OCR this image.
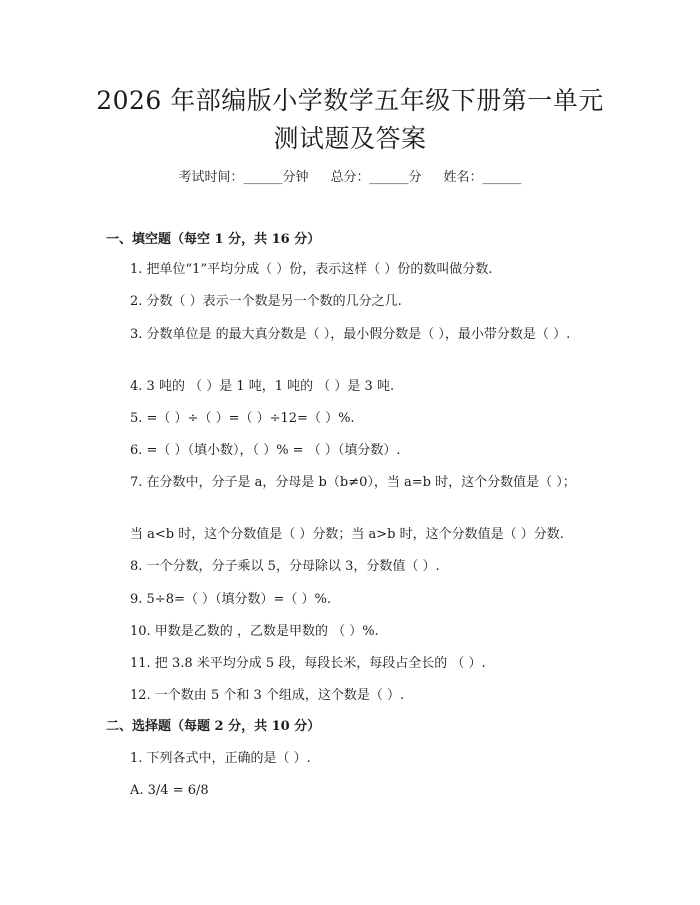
2026 年部编版小学数学五年级下册第一单元
测试题及答案
考试时间：______分钟 总分：______分 姓名：______
一、填空题（每空 1 分，共 16 分）
1. 把单位“1”平均分成（ ）份，表示这样（ ）份的数叫做分数.
2. 分数（ ）表示一个数是另一个数的几分之几.
3. 分数单位是 的最大真分数是（ ），最小假分数是（ ），最小带分数是（ ）.
4. 3 吨的 （ ）是 1 吨，1 吨的 （ ）是 3 吨.
5. =（ ）÷（ ）=（ ）÷12=（ ）%.
6. =（ ）（填小数），（ ）% = （ ）（填分数）.
7. 在分数中，分子是 a，分母是 b（b≠0），当 a=b 时，这个分数值是（ ）；
当 a<b 时，这个分数值是（ ）分数；当 a>b 时，这个分数值是（ ）分数.
8. 一个分数，分子乘以 5，分母除以 3，分数值（ ）.
9. 5÷8=（ ）（填分数）=（ ）%.
10. 甲数是乙数的 ，乙数是甲数的 （ ）%.
11. 把 3.8 米平均分成 5 段，每段长米，每段占全长的 （ ）.
12. 一个数由 5 个和 3 个组成，这个数是（ ）.
二、选择题（每题 2 分，共 10 分）
1. 下列各式中，正确的是（ ）.
A. 3/4 = 6/8
